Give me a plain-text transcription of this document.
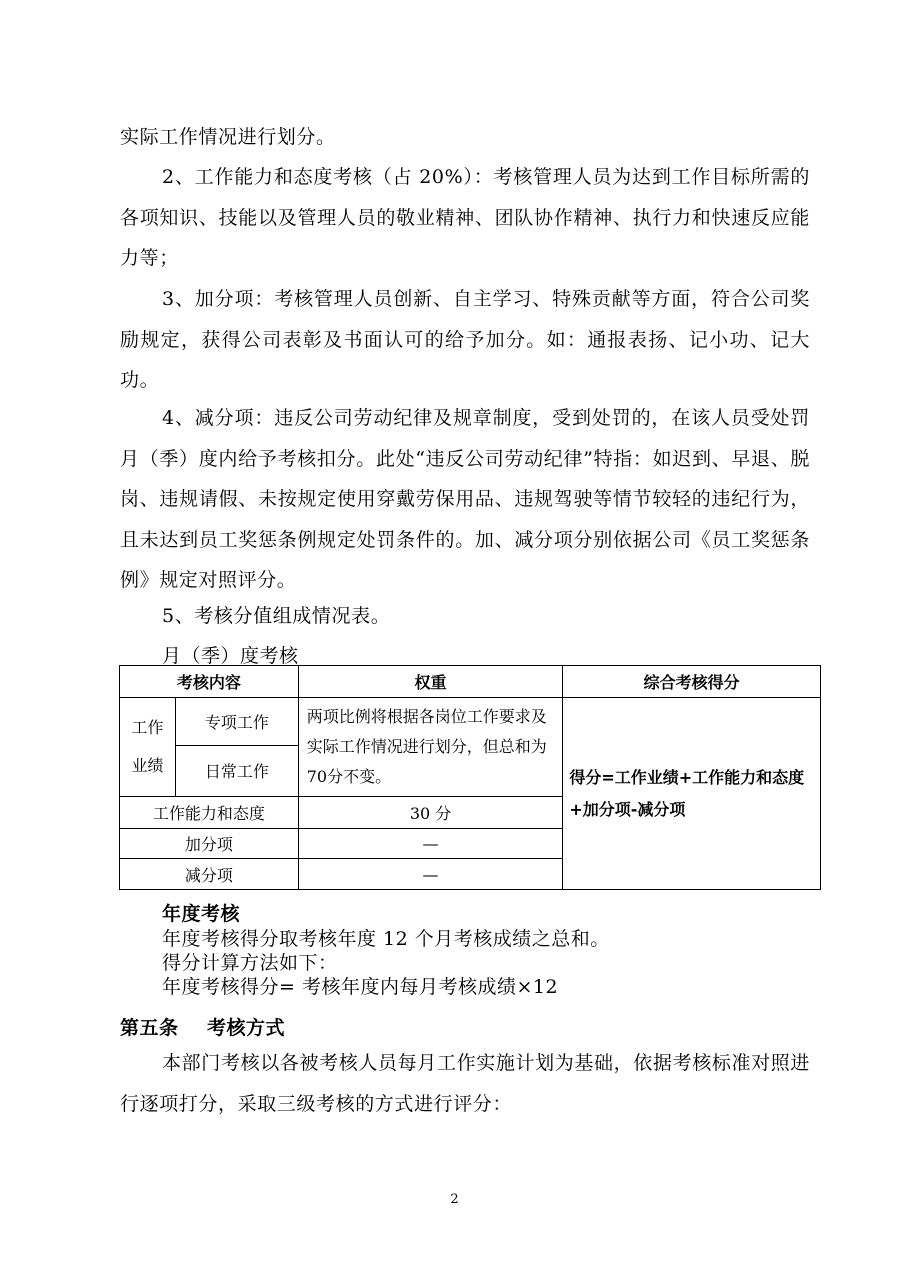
实际工作情况进行划分。

2、工作能力和态度考核（占 20%）：考核管理人员为达到工作目标所需的各项知识、技能以及管理人员的敬业精神、团队协作精神、执行力和快速反应能力等；

3、加分项：考核管理人员创新、自主学习、特殊贡献等方面，符合公司奖励规定，获得公司表彰及书面认可的给予加分。如：通报表扬、记小功、记大功。

4、减分项：违反公司劳动纪律及规章制度，受到处罚的，在该人员受处罚月（季）度内给予考核扣分。此处“违反公司劳动纪律”特指：如迟到、早退、脱岗、违规请假、未按规定使用穿戴劳保用品、违规驾驶等情节较轻的违纪行为，且未达到员工奖惩条例规定处罚条件的。加、减分项分别依据公司《员工奖惩条例》规定对照评分。

5、考核分值组成情况表。

月（季）度考核
考核内容		权重	综合考核得分
工作业绩	专项工作	两项比例将根据各岗位工作要求及实际工作情况进行划分，但总和为70分不变。	得分=工作业绩+工作能力和态度+加分项-减分项
	日常工作		
工作能力和态度		30 分	
加分项		—	
减分项		—	
年度考核
年度考核得分取考核年度 12 个月考核成绩之总和。
得分计算方法如下：
年度考核得分= 考核年度内每月考核成绩×12
第五条    考核方式

本部门考核以各被考核人员每月工作实施计划为基础，依据考核标准对照进行逐项打分，采取三级考核的方式进行评分：

2
